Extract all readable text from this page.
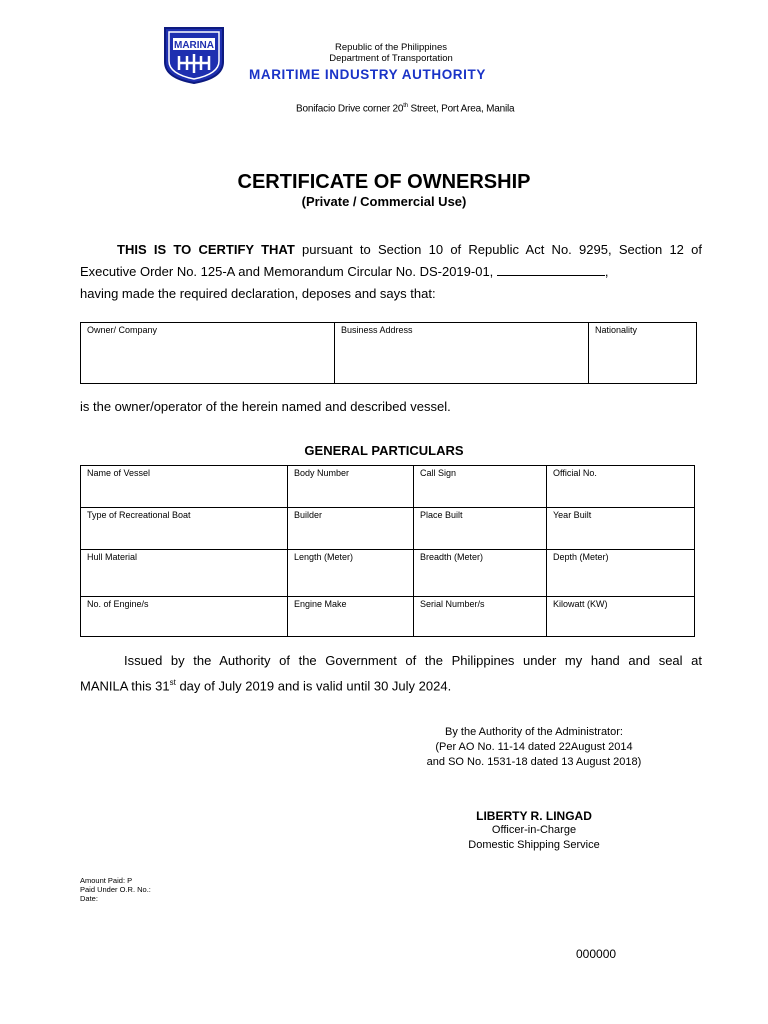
MARINA	Republic of the Philippines
Department of Transportation
MARITIME INDUSTRY AUTHORITY
Bonifacio Drive corner 20th Street, Port Area, Manila
CERTIFICATE OF OWNERSHIP
(Private / Commercial Use)
THIS IS TO CERTIFY THAT pursuant to Section 10 of Republic Act No. 9295, Section 12 of
Executive Order No. 125-A and Memorandum Circular No. DS-2019-01,	,
having made the required declaration, deposes and says that:
Owner/ Company	Business Address	Nationality
is the owner/operator of the herein named and described vessel.
GENERAL PARTICULARS
Name of Vessel	Body Number	Call Sign	Official No.
Type of Recreational Boat	Builder	Place Built	Year Built
Hull Material	Length (Meter)	Breadth (Meter)	Depth (Meter)
No. of Engine/s	Engine Make	Serial Number/s	Kilowatt (KW)
Issued by the Authority of the Government of the Philippines under my hand and seal at
MANILA this 31st day of July 2019 and is valid until 30 July 2024.
By the Authority of the Administrator:
(Per AO No. 11-14 dated 22August 2014
and SO No. 1531-18 dated 13 August 2018)
LIBERTY R. LINGAD
Officer-in-Charge
Domestic Shipping Service
Amount Paid: P
Paid Under O.R. No.:
Date:
000000
